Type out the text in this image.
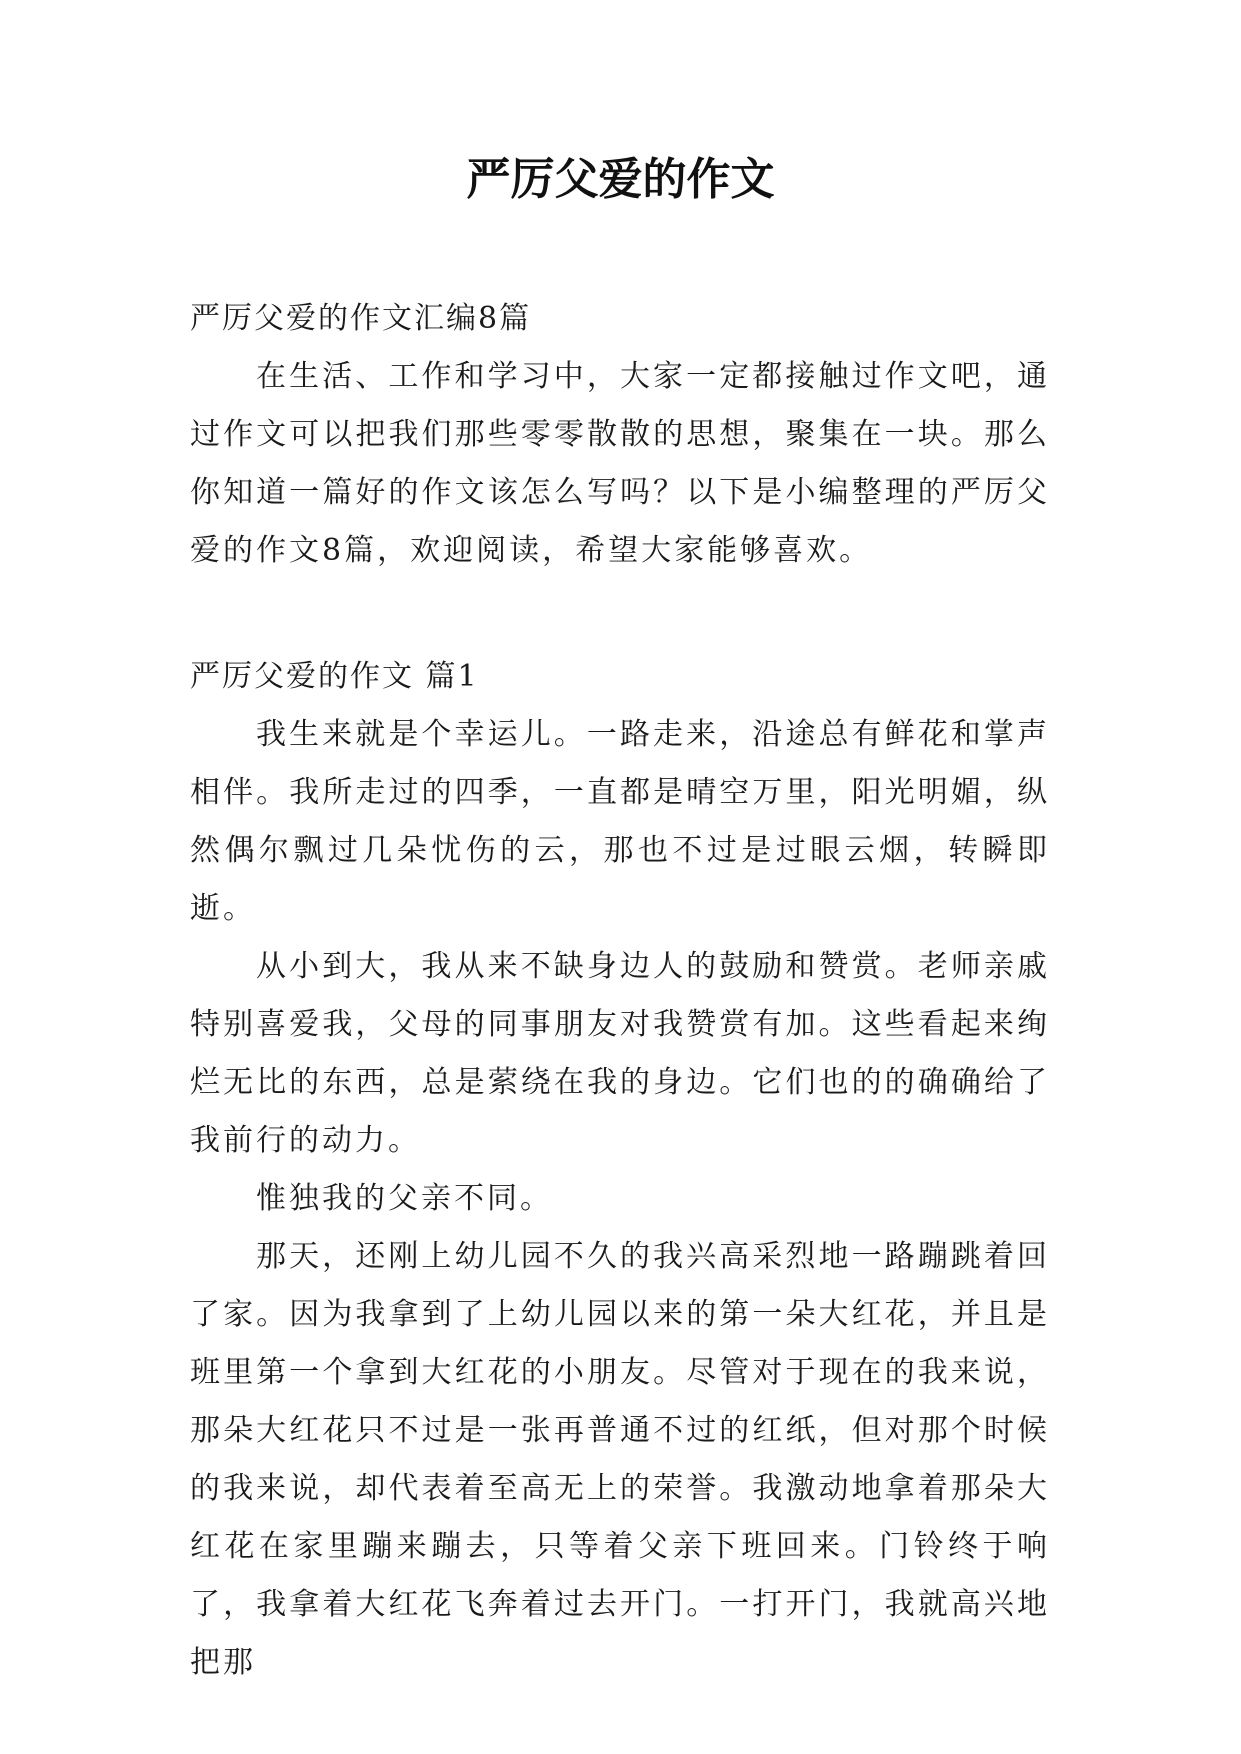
严厉父爱的作文

严厉父爱的作文汇编8篇

在生活、工作和学习中，大家一定都接触过作文吧，通过作文可以把我们那些零零散散的思想，聚集在一块。那么你知道一篇好的作文该怎么写吗？以下是小编整理的严厉父爱的作文8篇，欢迎阅读，希望大家能够喜欢。

严厉父爱的作文 篇1

我生来就是个幸运儿。一路走来，沿途总有鲜花和掌声相伴。我所走过的四季，一直都是晴空万里，阳光明媚，纵然偶尔飘过几朵忧伤的云，那也不过是过眼云烟，转瞬即逝。

从小到大，我从来不缺身边人的鼓励和赞赏。老师亲戚特别喜爱我，父母的同事朋友对我赞赏有加。这些看起来绚烂无比的东西，总是萦绕在我的身边。它们也的的确确给了我前行的动力。

惟独我的父亲不同。

那天，还刚上幼儿园不久的我兴高采烈地一路蹦跳着回了家。因为我拿到了上幼儿园以来的第一朵大红花，并且是班里第一个拿到大红花的小朋友。尽管对于现在的我来说，那朵大红花只不过是一张再普通不过的红纸，但对那个时候的我来说，却代表着至高无上的荣誉。我激动地拿着那朵大红花在家里蹦来蹦去，只等着父亲下班回来。门铃终于响了，我拿着大红花飞奔着过去开门。一打开门，我就高兴地把那
